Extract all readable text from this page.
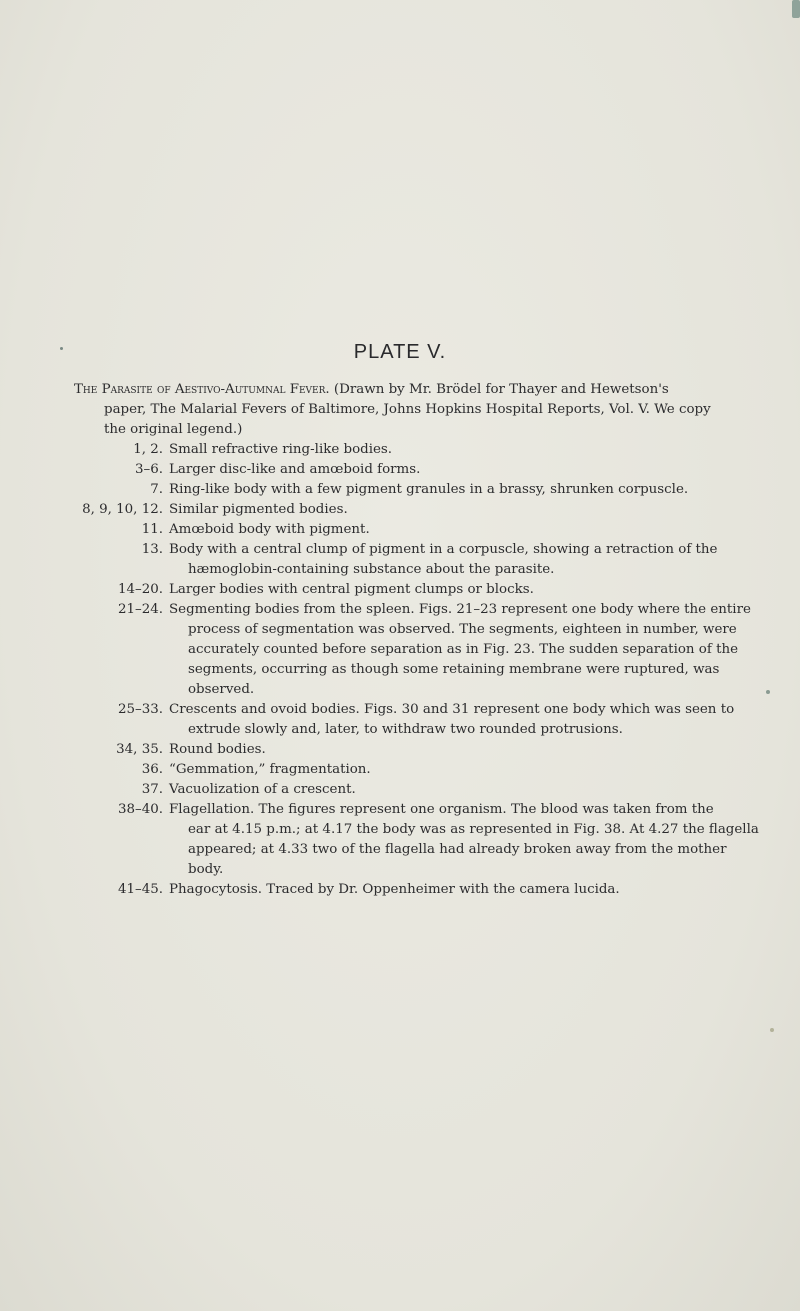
PLATE V.
The Parasite of Aestivo-Autumnal Fever. (Drawn by Mr. Brödel for Thayer and Hewetson's
paper, The Malarial Fevers of Baltimore, Johns Hopkins Hospital Reports, Vol. V. We copy
the original legend.)
1, 2. Small refractive ring-like bodies.
3–6. Larger disc-like and amœboid forms.
7. Ring-like body with a few pigment granules in a brassy, shrunken corpuscle.
8, 9, 10, 12. Similar pigmented bodies.
11. Amœboid body with pigment.
13. Body with a central clump of pigment in a corpuscle, showing a retraction of the
hæmoglobin-containing substance about the parasite.
14–20. Larger bodies with central pigment clumps or blocks.
21–24. Segmenting bodies from the spleen. Figs. 21–23 represent one body where the entire
process of segmentation was observed. The segments, eighteen in number, were
accurately counted before separation as in Fig. 23. The sudden separation of the
segments, occurring as though some retaining membrane were ruptured, was
observed.
25–33. Crescents and ovoid bodies. Figs. 30 and 31 represent one body which was seen to
extrude slowly and, later, to withdraw two rounded protrusions.
34, 35. Round bodies.
36. “Gemmation,” fragmentation.
37. Vacuolization of a crescent.
38–40. Flagellation. The figures represent one organism. The blood was taken from the
ear at 4.15 p.m.; at 4.17 the body was as represented in Fig. 38. At 4.27 the flagella
appeared; at 4.33 two of the flagella had already broken away from the mother
body.
41–45. Phagocytosis. Traced by Dr. Oppenheimer with the camera lucida.
